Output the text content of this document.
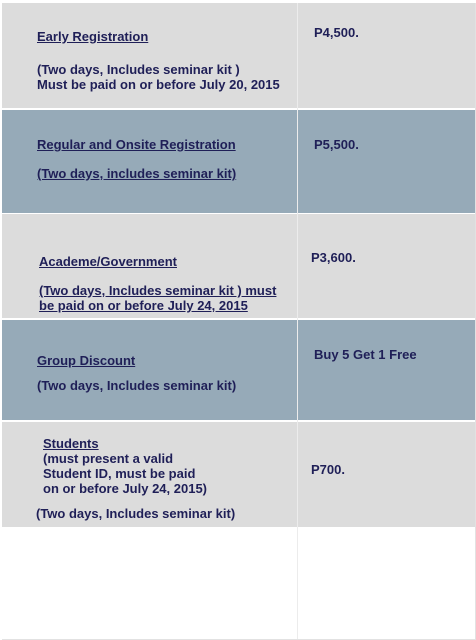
Early Registration

(Two days, Includes seminar kit )
Must be paid on or before July 20, 2015

P4,500.

Regular and Onsite Registration

(Two days, includes seminar kit)

P5,500.

Academe/Government

(Two days, Includes seminar kit ) must
be paid on or before July 24, 2015

P3,600.

Group Discount

(Two days, Includes seminar kit)

Buy 5 Get 1 Free

Students

(must present a valid
Student ID, must be paid
on or before July 24, 2015)

(Two days, Includes seminar kit)

P700.
